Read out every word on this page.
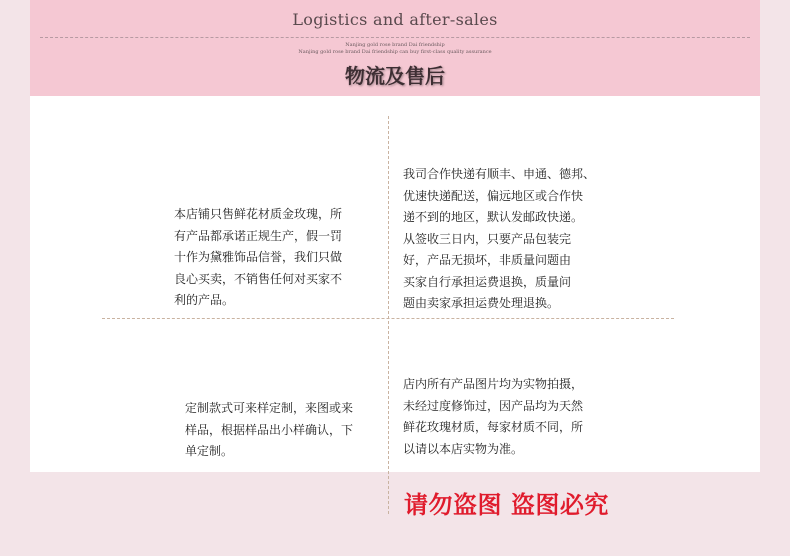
Logistics and after-sales
Nanjing gold rose brand Dai friendship
Nanjing gold rose brand Dai friendship can buy first-class quality assurance
物流及售后
本店铺只售鲜花材质金玫瑰，所
有产品都承诺正规生产，假一罚
十作为黛雅饰品信誉，我们只做
良心买卖，不销售任何对买家不
利的产品。
我司合作快递有顺丰、申通、德邦、
优速快递配送，偏远地区或合作快
递不到的地区，默认发邮政快递。
从签收三日内，只要产品包装完
好，产品无损坏，非质量问题由
买家自行承担运费退换，质量问
题由卖家承担运费处理退换。
定制款式可来样定制，来图或来
样品，根据样品出小样确认，下
单定制。
店内所有产品图片均为实物拍摄，
未经过度修饰过，因产品均为天然
鲜花玫瑰材质，每家材质不同，所
以请以本店实物为准。
请勿盗图 盗图必究
